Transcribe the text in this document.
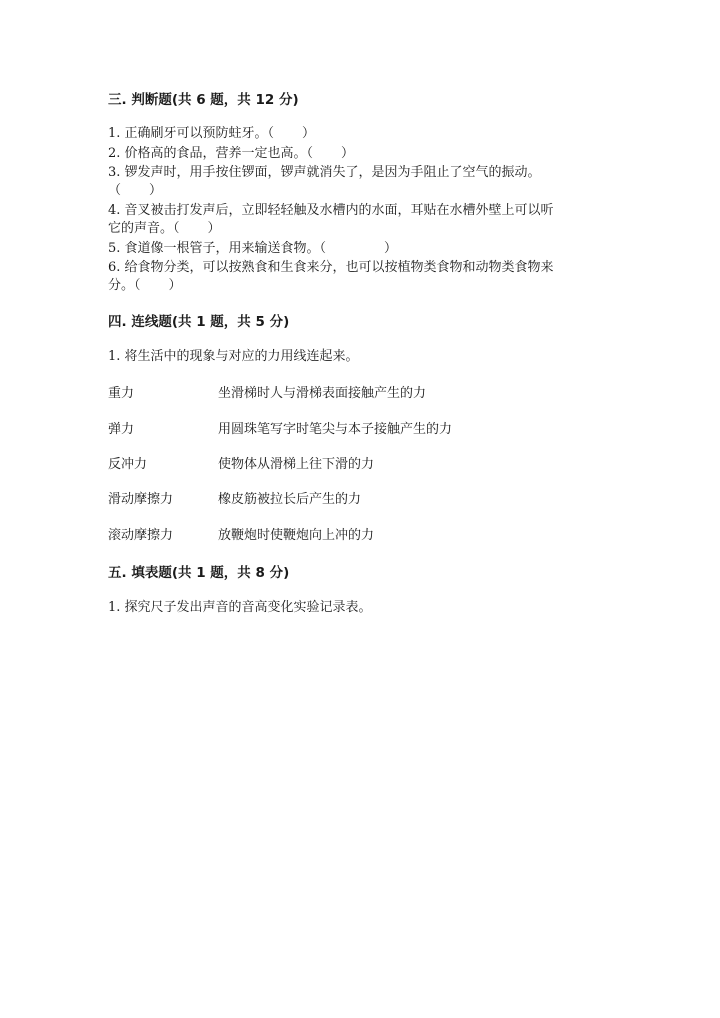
三. 判断题(共 6 题，共 12 分)
1. 正确刷牙可以预防蛀牙。（ ）
2. 价格高的食品，营养一定也高。（ ）
3. 锣发声时，用手按住锣面，锣声就消失了，是因为手阻止了空气的振动。
（ ）
4. 音叉被击打发声后，立即轻轻触及水槽内的水面，耳贴在水槽外壁上可以听
它的声音。（ ）
5. 食道像一根管子，用来输送食物。（	）
6. 给食物分类，可以按熟食和生食来分，也可以按植物类食物和动物类食物来
分。（ ）
四. 连线题(共 1 题，共 5 分)
1. 将生活中的现象与对应的力用线连起来。
重力	坐滑梯时人与滑梯表面接触产生的力
弹力	用圆珠笔写字时笔尖与本子接触产生的力
反冲力	使物体从滑梯上往下滑的力
滑动摩擦力	橡皮筋被拉长后产生的力
滚动摩擦力	放鞭炮时使鞭炮向上冲的力
五. 填表题(共 1 题，共 8 分)
1. 探究尺子发出声音的音高变化实验记录表。
